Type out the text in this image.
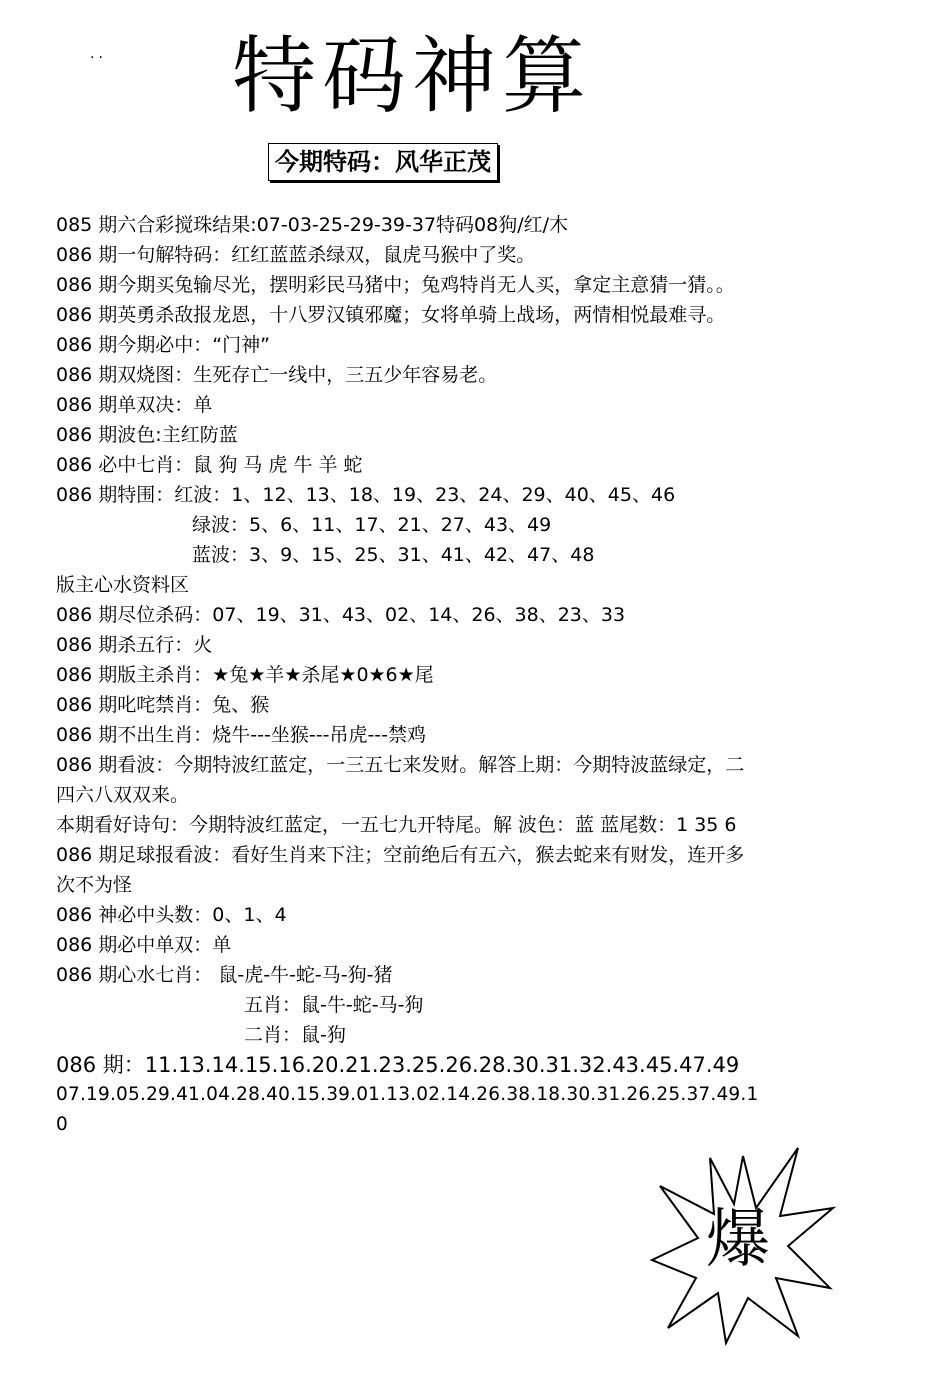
.. 特码神算
今期特码：风华正茂
085 期六合彩搅珠结果:07-03-25-29-39-37特码08狗/红/木
086 期一句解特码：红红蓝蓝杀绿双，鼠虎马猴中了奖。
086 期今期买兔输尽光，摆明彩民马猪中；兔鸡特肖无人买，拿定主意猜一猜。。
086 期英勇杀敌报龙恩，十八罗汉镇邪魔；女将单骑上战场，两情相悦最难寻。
086 期今期必中：“门神”
086 期双烧图：生死存亡一线中，三五少年容易老。
086 期单双决：单
086 期波色:主红防蓝
086 必中七肖：鼠 狗 马 虎 牛 羊 蛇
086 期特围：红波：1、12、13、18、19、23、24、29、40、45、46
绿波：5、6、11、17、21、27、43、49
蓝波：3、9、15、25、31、41、42、47、48
版主心水资料区
086 期尽位杀码：07、19、31、43、02、14、26、38、23、33
086 期杀五行：火
086 期版主杀肖：★兔★羊★杀尾★0★6★尾
086 期叱咤禁肖：兔、猴
086 期不出生肖：烧牛---坐猴---吊虎---禁鸡
086 期看波：今期特波红蓝定，一三五七来发财。解答上期：今期特波蓝绿定，二
四六八双双来。
本期看好诗句：今期特波红蓝定，一五七九开特尾。解 波色：蓝 蓝尾数：1 35 6
086 期足球报看波：看好生肖来下注；空前绝后有五六，猴去蛇来有财发，连开多
次不为怪
086 神必中头数：0、1、4
086 期必中单双：单
086 期心水七肖： 鼠-虎-牛-蛇-马-狗-猪
五肖：鼠-牛-蛇-马-狗
二肖：鼠-狗
086 期：11.13.14.15.16.20.21.23.25.26.28.30.31.32.43.45.47.49
07.19.05.29.41.04.28.40.15.39.01.13.02.14.26.38.18.30.31.26.25.37.49.1
0
爆
